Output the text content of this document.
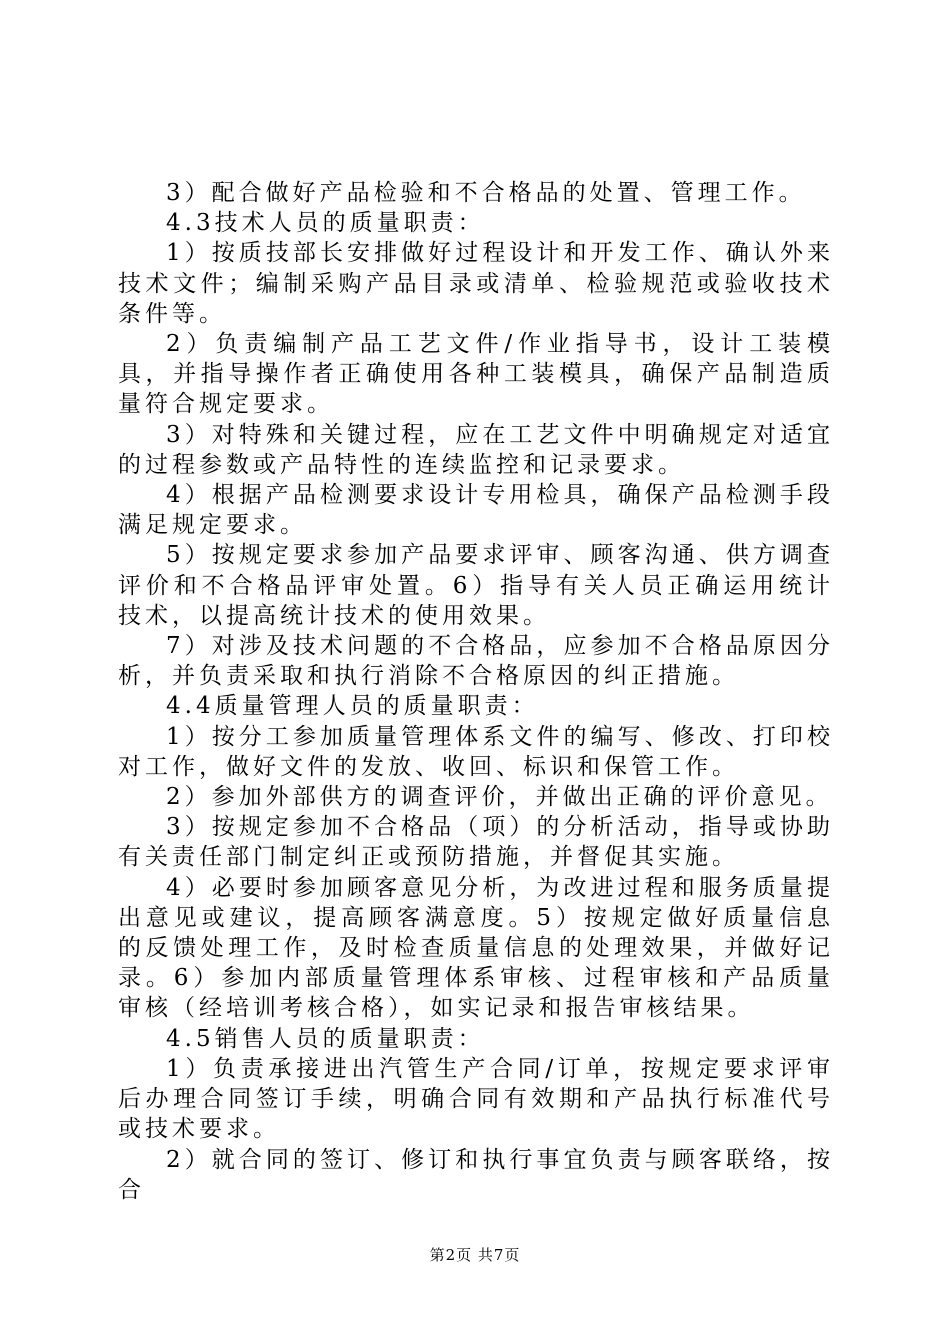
3）配合做好产品检验和不合格品的处置、管理工作。

4.3技术人员的质量职责：

1）按质技部长安排做好过程设计和开发工作、确认外来技术文件；编制采购产品目录或清单、检验规范或验收技术条件等。

2）负责编制产品工艺文件/作业指导书，设计工装模具，并指导操作者正确使用各种工装模具，确保产品制造质量符合规定要求。

3）对特殊和关键过程，应在工艺文件中明确规定对适宜的过程参数或产品特性的连续监控和记录要求。

4）根据产品检测要求设计专用检具，确保产品检测手段满足规定要求。

5）按规定要求参加产品要求评审、顾客沟通、供方调查评价和不合格品评审处置。6）指导有关人员正确运用统计技术，以提高统计技术的使用效果。

7）对涉及技术问题的不合格品，应参加不合格品原因分析，并负责采取和执行消除不合格原因的纠正措施。

4.4质量管理人员的质量职责：

1）按分工参加质量管理体系文件的编写、修改、打印校对工作，做好文件的发放、收回、标识和保管工作。

2）参加外部供方的调查评价，并做出正确的评价意见。

3）按规定参加不合格品（项）的分析活动，指导或协助有关责任部门制定纠正或预防措施，并督促其实施。

4）必要时参加顾客意见分析，为改进过程和服务质量提出意见或建议，提高顾客满意度。5）按规定做好质量信息的反馈处理工作，及时检查质量信息的处理效果，并做好记录。6）参加内部质量管理体系审核、过程审核和产品质量审核（经培训考核合格），如实记录和报告审核结果。

4.5销售人员的质量职责：

1）负责承接进出汽管生产合同/订单，按规定要求评审后办理合同签订手续，明确合同有效期和产品执行标准代号或技术要求。

2）就合同的签订、修订和执行事宜负责与顾客联络，按合

第2页 共7页
